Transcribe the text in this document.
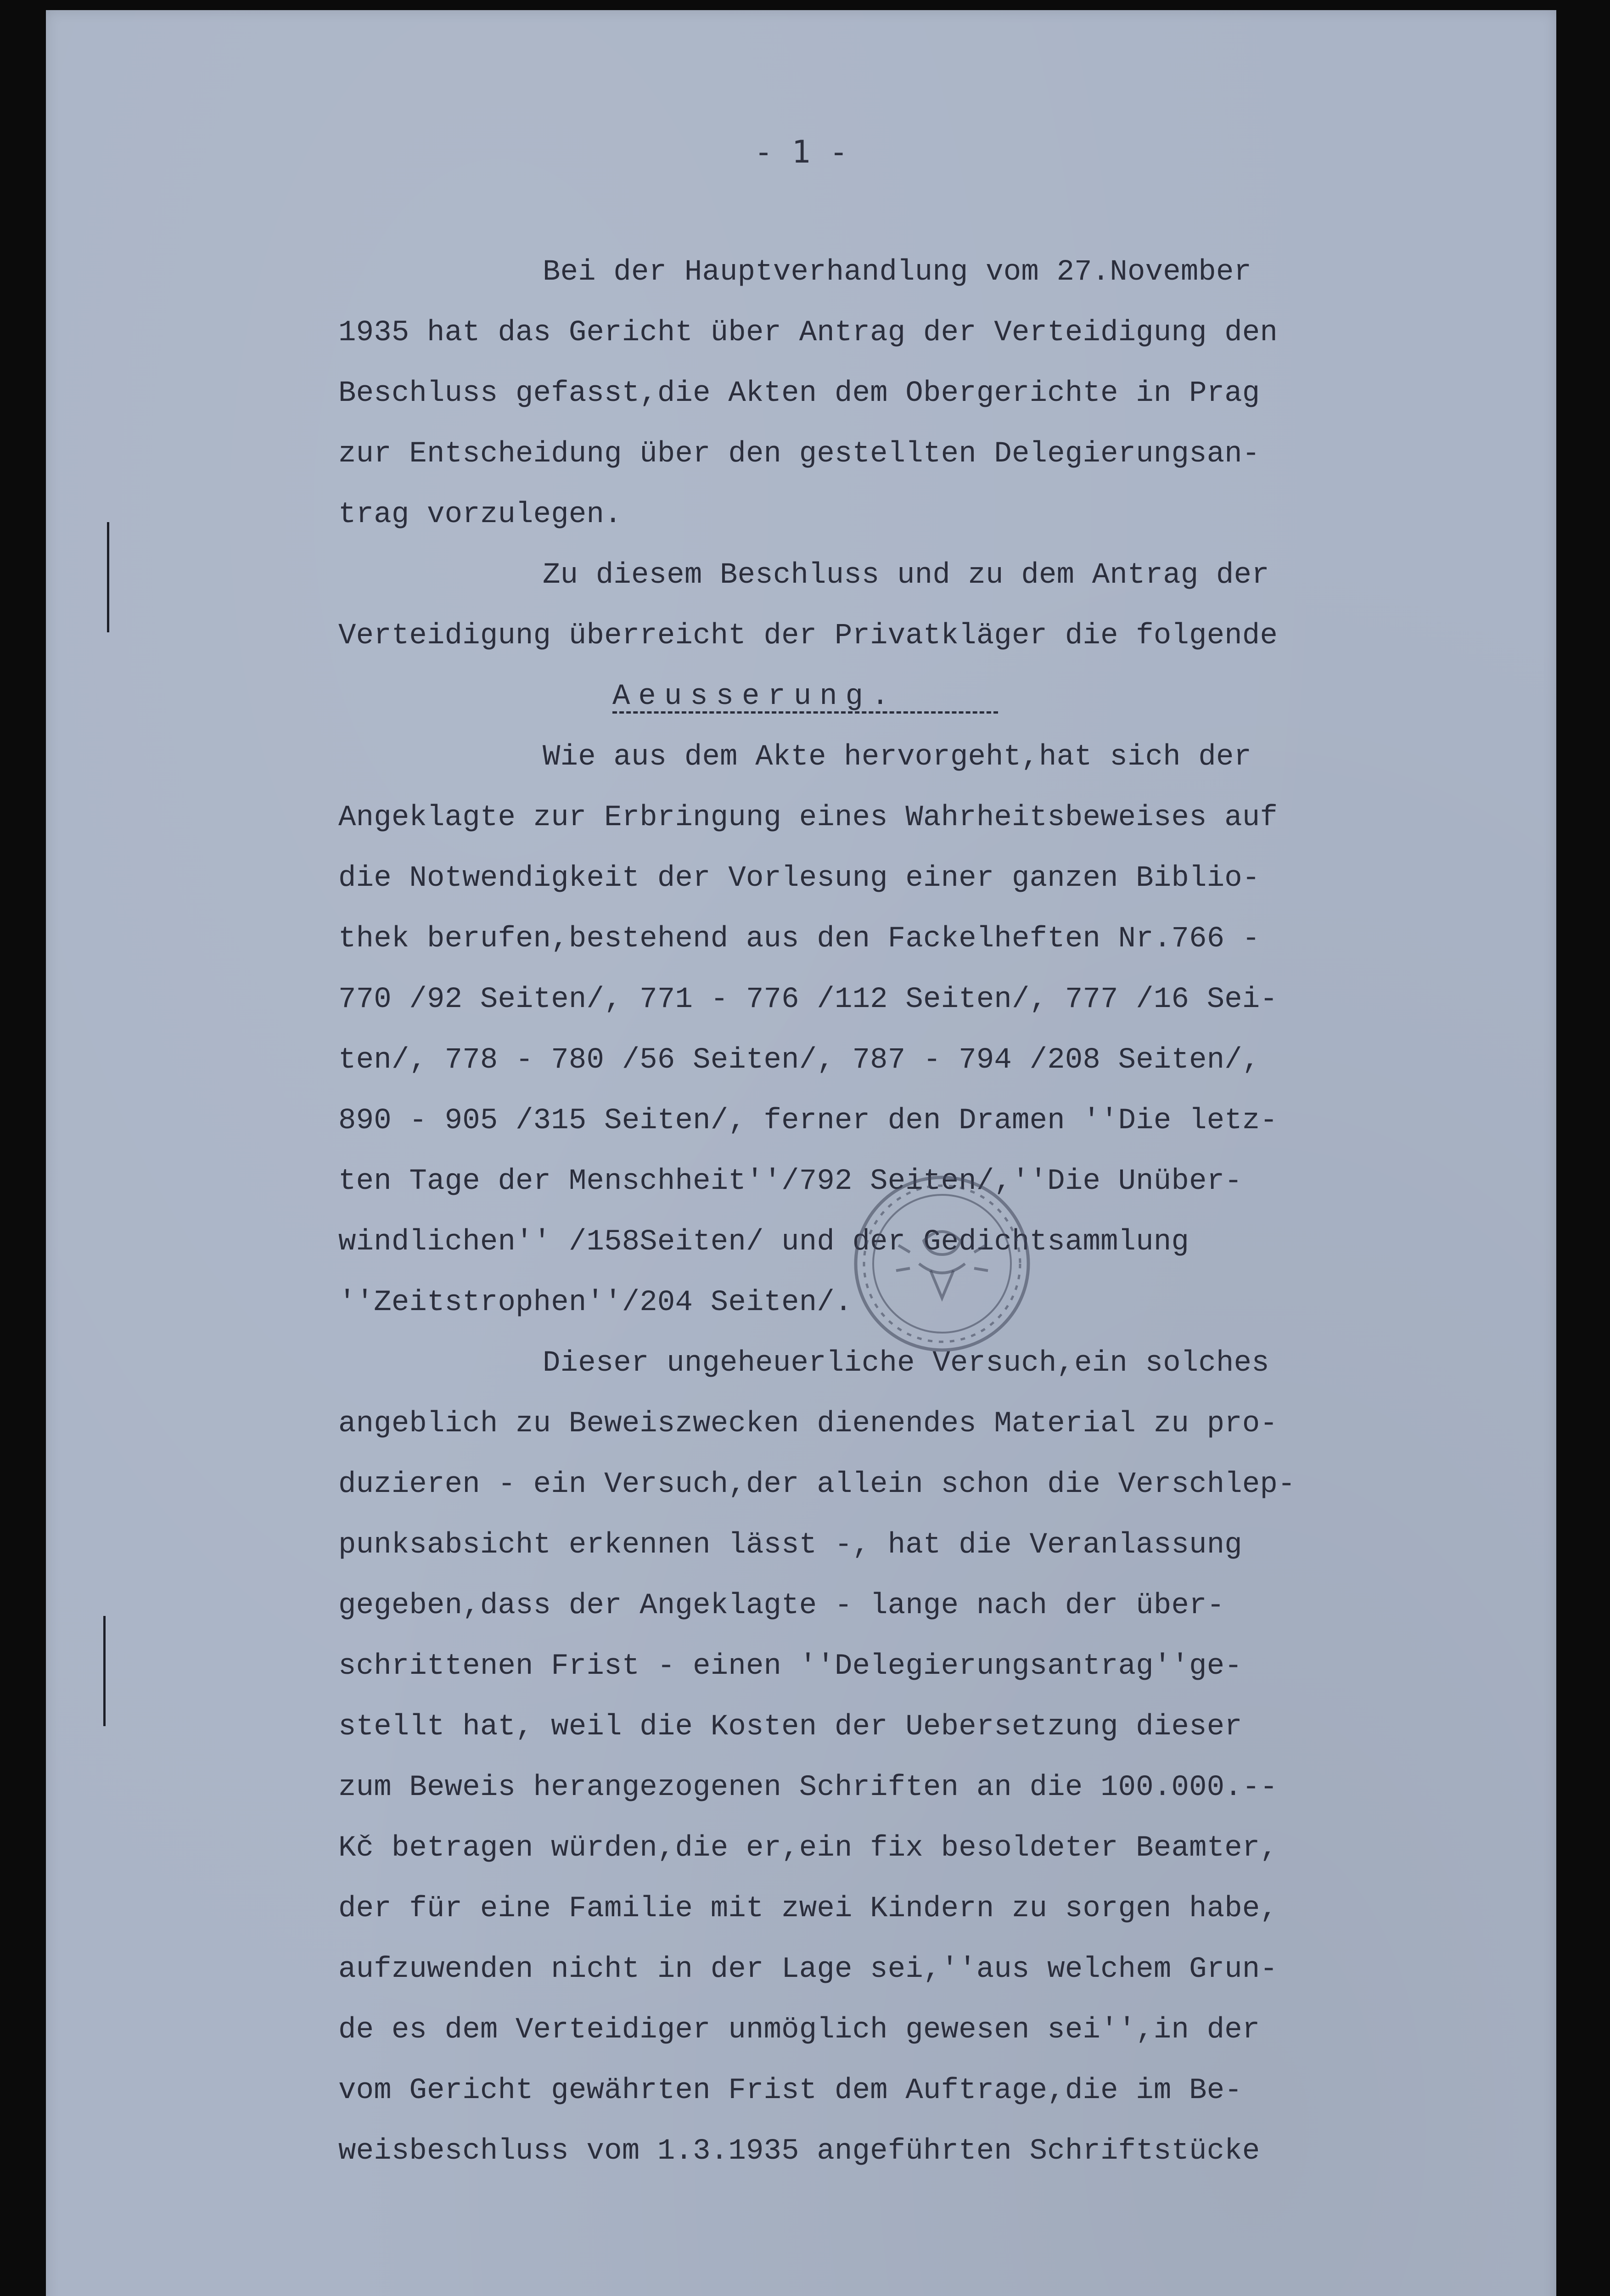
- 1 -

Bei der Hauptverhandlung vom 27.November
1935 hat das Gericht über Antrag der Verteidigung den
Beschluss gefasst,die Akten dem Obergerichte in Prag
zur Entscheidung über den gestellten Delegierungsan-
trag vorzulegen.
Zu diesem Beschluss und zu dem Antrag der
Verteidigung überreicht der Privatkläger die folgende
Aeusserung.
Wie aus dem Akte hervorgeht,hat sich der
Angeklagte zur Erbringung eines Wahrheitsbeweises auf
die Notwendigkeit der Vorlesung einer ganzen Biblio-
thek berufen,bestehend aus den Fackelheften Nr.766 -
770 /92 Seiten/, 771 - 776 /112 Seiten/, 777 /16 Sei-
ten/, 778 - 780 /56 Seiten/, 787 - 794 /208 Seiten/,
890 - 905 /315 Seiten/, ferner den Dramen ''Die letz-
ten Tage der Menschheit''/792 Seiten/,''Die Unüber-
windlichen'' /158Seiten/ und der Gedichtsammlung
''Zeitstrophen''/204 Seiten/.
Dieser ungeheuerliche Versuch,ein solches
angeblich zu Beweiszwecken dienendes Material zu pro-
duzieren - ein Versuch,der allein schon die Verschlep-
punksabsicht erkennen lässt -, hat die Veranlassung
gegeben,dass der Angeklagte - lange nach der über-
schrittenen Frist - einen ''Delegierungsantrag''ge-
stellt hat, weil die Kosten der Uebersetzung dieser
zum Beweis herangezogenen Schriften an die 100.000.--
Kč betragen würden,die er,ein fix besoldeter Beamter,
der für eine Familie mit zwei Kindern zu sorgen habe,
aufzuwenden nicht in der Lage sei,''aus welchem Grun-
de es dem Verteidiger unmöglich gewesen sei'',in der
vom Gericht gewährten Frist dem Auftrage,die im Be-
weisbeschluss vom 1.3.1935 angeführten Schriftstücke
